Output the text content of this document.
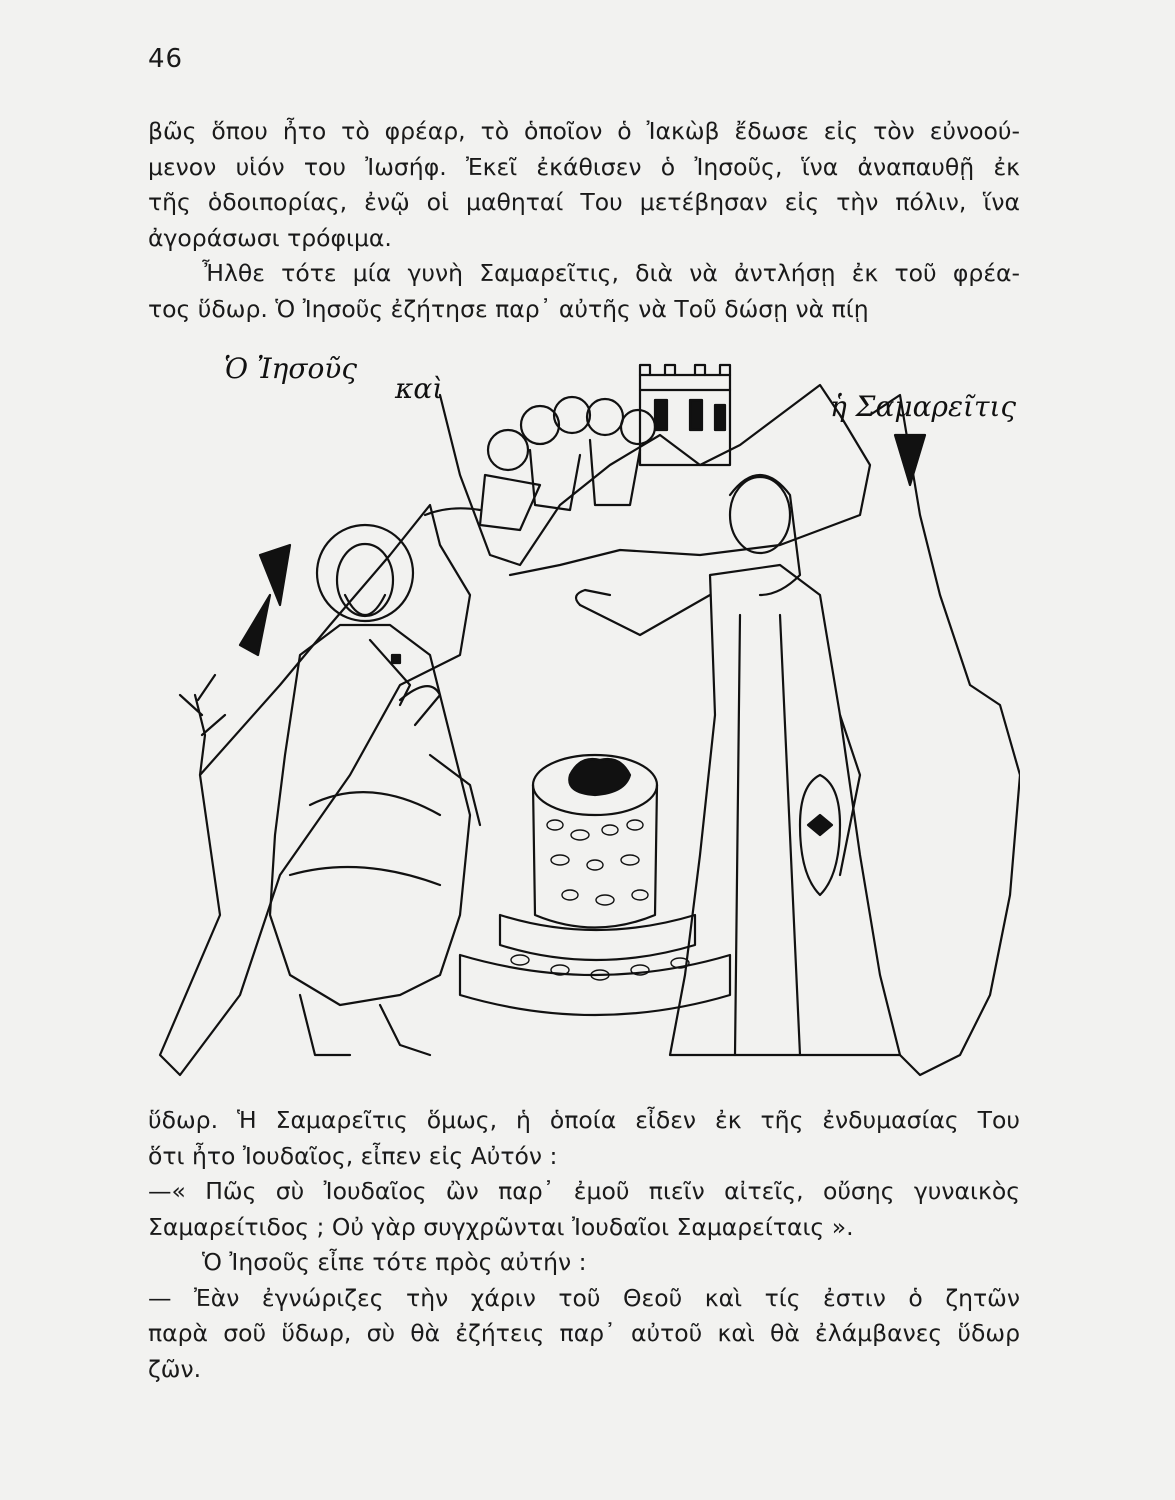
46

βῶς ὅπου ἦτο τὸ φρέαρ, τὸ ὁποῖον ὁ Ἰακὼβ ἔδωσε εἰς τὸν εὐνοού-
μενον υἱόν του Ἰωσήφ. Ἐκεῖ ἐκάθισεν ὁ Ἰησοῦς, ἵνα ἀναπαυθῇ ἐκ
τῆς ὁδοιπορίας, ἐνῷ οἱ μαθηταί Του μετέβησαν εἰς τὴν πόλιν, ἵνα
ἀγοράσωσι τρόφιμα.

Ἦλθε τότε μία γυνὴ Σαμαρεῖτις, διὰ νὰ ἀντλήσῃ ἐκ τοῦ φρέα-
τος ὕδωρ. Ὁ Ἰησοῦς ἐζήτησε παρ᾽ αὐτῆς νὰ Τοῦ δώσῃ νὰ πίῃ

Ὁ Ἰησοῦς
καὶ
ἡ Σαμαρεῖτις

ὕδωρ. Ἡ Σαμαρεῖτις ὅμως, ἡ ὁποία εἶδεν ἐκ τῆς ἐνδυμασίας Του
ὅτι ἦτο Ἰουδαῖος, εἶπεν εἰς Αὐτόν :

—« Πῶς σὺ Ἰουδαῖος ὢν παρ᾽ ἐμοῦ πιεῖν αἰτεῖς, οὔσης γυναικὸς
Σαμαρείτιδος ; Οὐ γὰρ συγχρῶνται Ἰουδαῖοι Σαμαρείταις ».

Ὁ Ἰησοῦς εἶπε τότε πρὸς αὐτήν :

— Ἐὰν ἐγνώριζες τὴν χάριν τοῦ Θεοῦ καὶ τίς ἐστιν ὁ ζητῶν
παρὰ σοῦ ὕδωρ, σὺ θὰ ἐζήτεις παρ᾽ αὐτοῦ καὶ θὰ ἐλάμβανες ὕδωρ
ζῶν.
